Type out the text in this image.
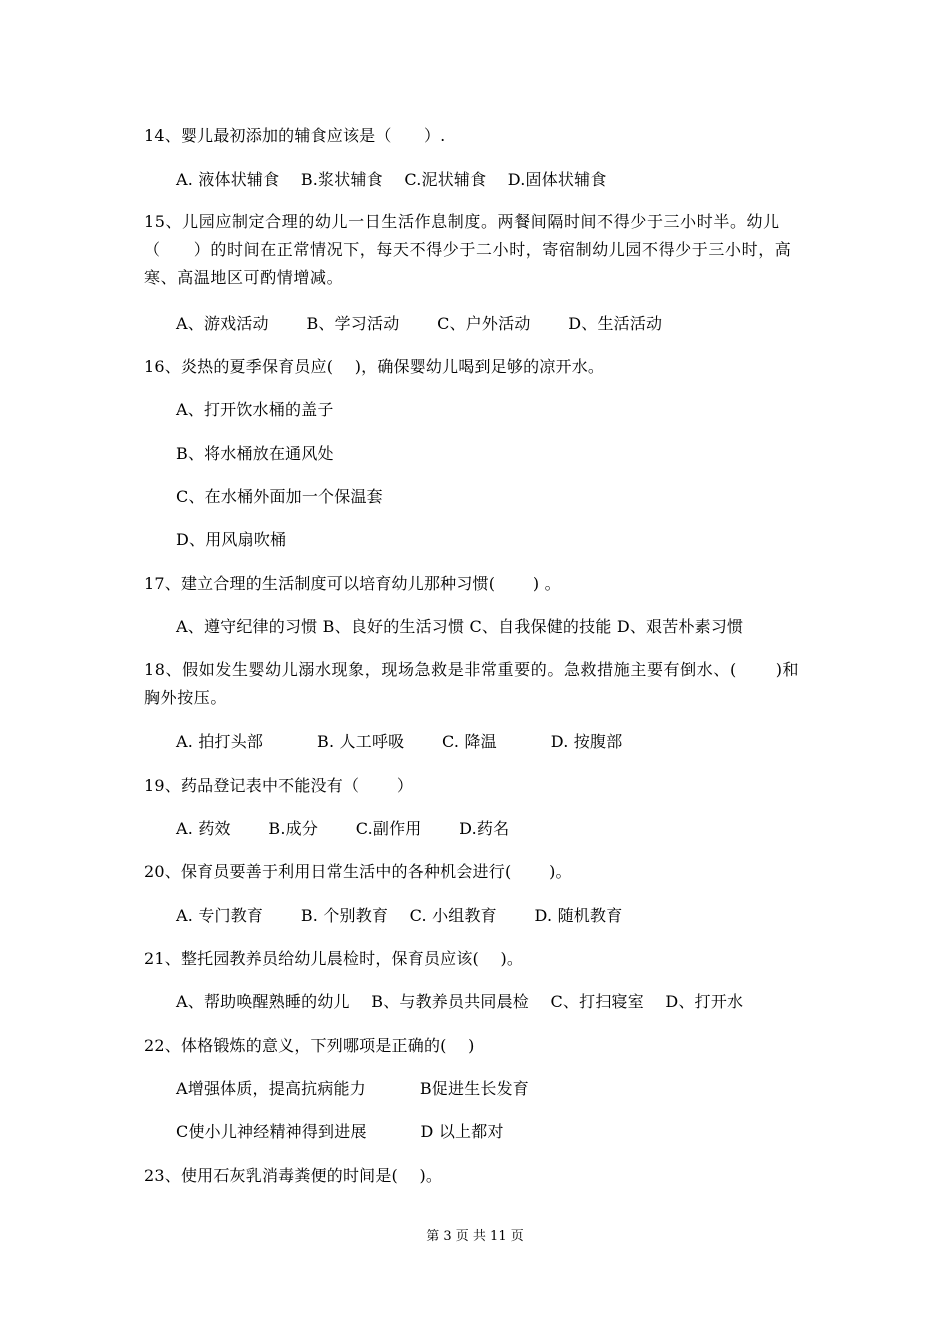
14、婴儿最初添加的辅食应该是（　　）.
A. 液体状辅食　 B.浆状辅食　 C.泥状辅食　 D.固体状辅食
15、儿园应制定合理的幼儿一日生活作息制度。两餐间隔时间不得少于三小时半。幼儿（　　）的时间在正常情况下，每天不得少于二小时，寄宿制幼儿园不得少于三小时，高寒、高温地区可酌情增减。
A、游戏活动　　 B、学习活动　　 C、户外活动　　 D、生活活动
16、炎热的夏季保育员应(　 )，确保婴幼儿喝到足够的凉开水。
A、打开饮水桶的盖子
B、将水桶放在通风处
C、在水桶外面加一个保温套
D、用风扇吹桶
17、建立合理的生活制度可以培育幼儿那种习惯(　　 ) 。
A、遵守纪律的习惯 B、良好的生活习惯 C、自我保健的技能 D、艰苦朴素习惯
18、假如发生婴幼儿溺水现象，现场急救是非常重要的。急救措施主要有倒水、(　　 )和胸外按压。
A. 拍打头部　　　 B. 人工呼吸　　 C. 降温　　　 D. 按腹部
19、药品登记表中不能没有（　　 ）
A. 药效　　 B.成分　　 C.副作用　　 D.药名
20、保育员要善于利用日常生活中的各种机会进行(　　 )。
A. 专门教育　　 B. 个别教育　 C. 小组教育　　 D. 随机教育
21、整托园教养员给幼儿晨检时，保育员应该(　 )。
A、帮助唤醒熟睡的幼儿　 B、与教养员共同晨检　 C、打扫寝室　 D、打开水
22、体格锻炼的意义，下列哪项是正确的(　 )
A增强体质，提高抗病能力　　　 B促进生长发育
C使小儿神经精神得到进展　　　 D 以上都对
23、使用石灰乳消毒粪便的时间是(　 )。
第 3 页 共 11 页
